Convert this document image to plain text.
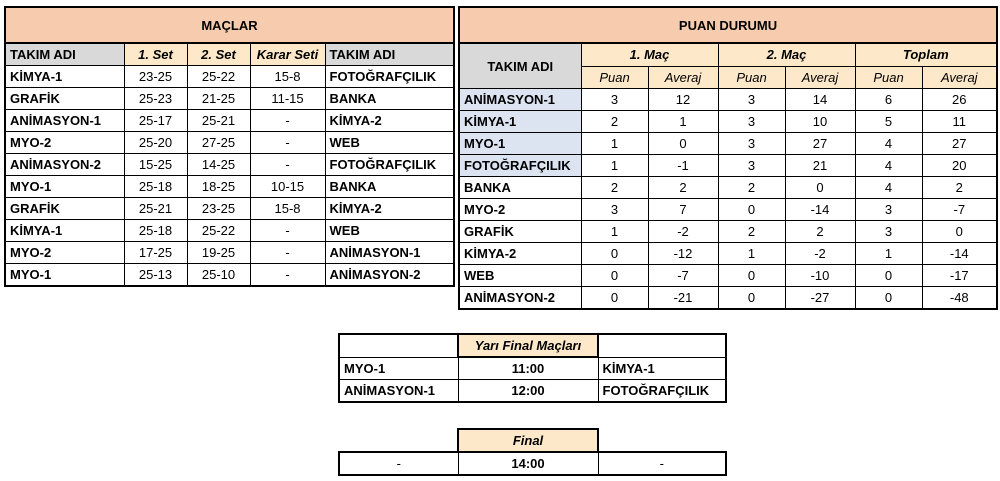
MAÇLAR				
TAKIM ADI	1. Set	2. Set	Karar Seti	TAKIM ADI
KİMYA-1	23-25	25-22	15-8	FOTOĞRAFÇILIK
GRAFİK	25-23	21-25	11-15	BANKA
ANİMASYON-1	25-17	25-21	-	KİMYA-2
MYO-2	25-20	27-25	-	WEB
ANİMASYON-2	15-25	14-25	-	FOTOĞRAFÇILIK
MYO-1	25-18	18-25	10-15	BANKA
GRAFİK	25-21	23-25	15-8	KİMYA-2
KİMYA-1	25-18	25-22	-	WEB
MYO-2	17-25	19-25	-	ANİMASYON-1
MYO-1	25-13	25-10	-	ANİMASYON-2
PUAN DURUMU						
TAKIM ADI	1. Maç		2. Maç		Toplam	
	Puan	Averaj	Puan	Averaj	Puan	Averaj
ANİMASYON-1	3	12	3	14	6	26
KİMYA-1	2	1	3	10	5	11
MYO-1	1	0	3	27	4	27
FOTOĞRAFÇILIK	1	-1	3	21	4	20
BANKA	2	2	2	0	4	2
MYO-2	3	7	0	-14	3	-7
GRAFİK	1	-2	2	2	3	0
KİMYA-2	0	-12	1	-2	1	-14
WEB	0	-7	0	-10	0	-17
ANİMASYON-2	0	-21	0	-27	0	-48
	Yarı Final Maçları	
MYO-1	11:00	KİMYA-1
ANİMASYON-1	12:00	FOTOĞRAFÇILIK
	Final	
-	14:00	-
